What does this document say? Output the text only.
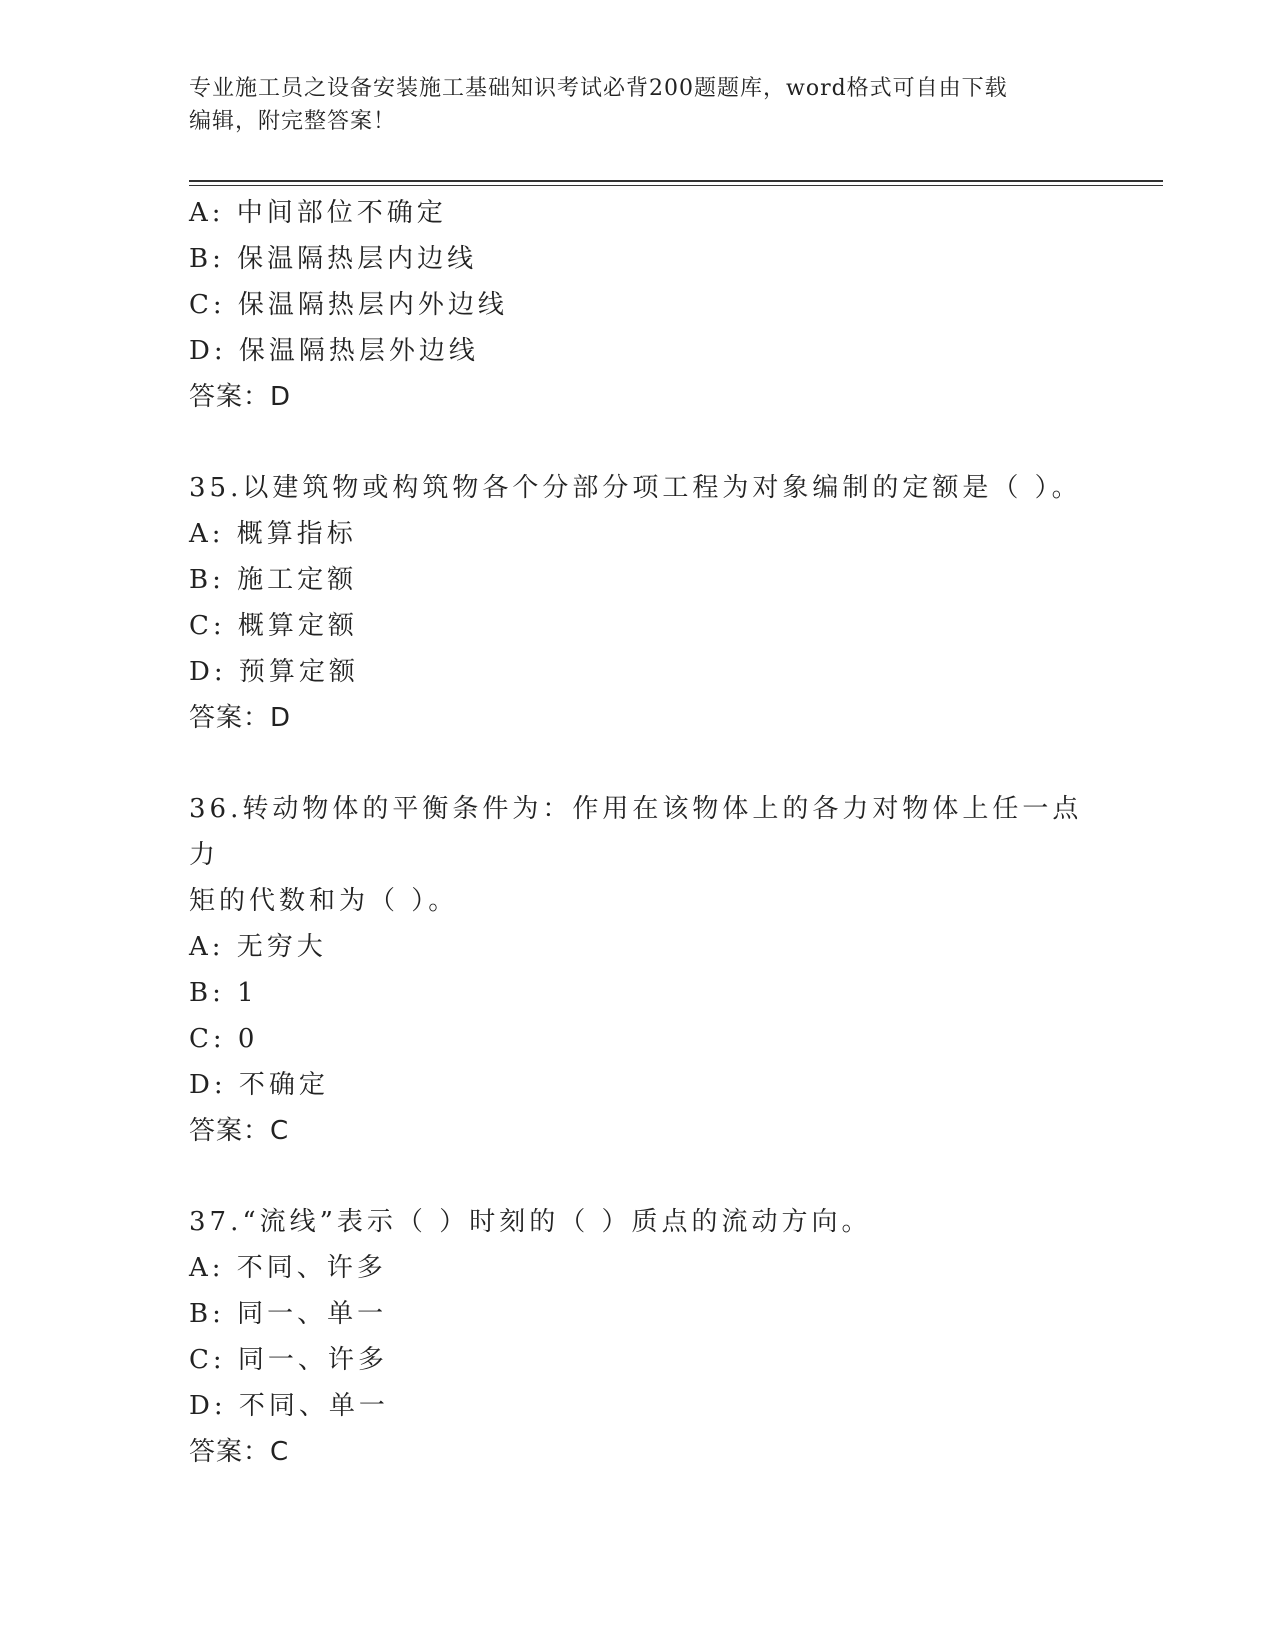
专业施工员之设备安装施工基础知识考试必背200题题库，word格式可自由下载
编辑，附完整答案！
A: 中间部位不确定
B: 保温隔热层内边线
C: 保温隔热层内外边线
D: 保温隔热层外边线
答案：D
35.以建筑物或构筑物各个分部分项工程为对象编制的定额是（ ）。
A: 概算指标
B: 施工定额
C: 概算定额
D: 预算定额
答案：D
36.转动物体的平衡条件为：作用在该物体上的各力对物体上任一点力
矩的代数和为（ ）。
A: 无穷大
B: 1
C: 0
D: 不确定
答案：C
37.“流线”表示（ ）时刻的（ ）质点的流动方向。
A: 不同、许多
B: 同一、单一
C: 同一、许多
D: 不同、单一
答案：C
